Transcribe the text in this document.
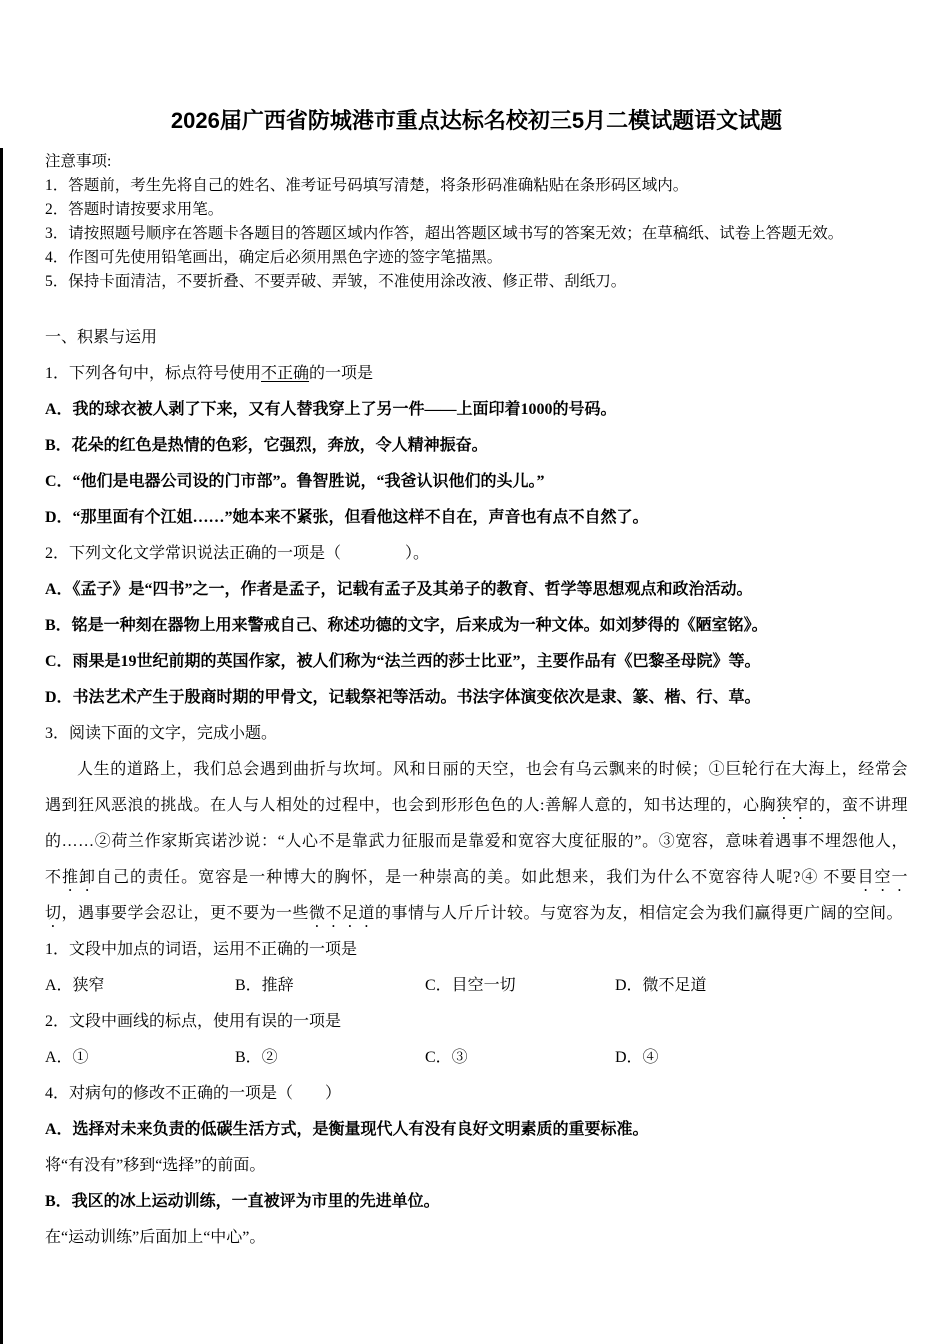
2026届广西省防城港市重点达标名校初三5月二模试题语文试题
注意事项:
1．答题前，考生先将自己的姓名、准考证号码填写清楚，将条形码准确粘贴在条形码区域内。
2．答题时请按要求用笔。
3．请按照题号顺序在答题卡各题目的答题区域内作答，超出答题区域书写的答案无效；在草稿纸、试卷上答题无效。
4．作图可先使用铅笔画出，确定后必须用黑色字迹的签字笔描黑。
5．保持卡面清洁，不要折叠、不要弄破、弄皱，不准使用涂改液、修正带、刮纸刀。
一、积累与运用
1．下列各句中，标点符号使用不正确的一项是
A．我的球衣被人剥了下来，又有人替我穿上了另一件——上面印着1000的号码。
B．花朵的红色是热情的色彩，它强烈，奔放，令人精神振奋。
C．“他们是电器公司设的门市部”。鲁智胜说，“我爸认识他们的头儿。”
D．“那里面有个江姐……”她本来不紧张，但看他这样不自在，声音也有点不自然了。
2．下列文化文学常识说法正确的一项是（　　　　）。
A．《孟子》是“四书”之一，作者是孟子，记载有孟子及其弟子的教育、哲学等思想观点和政治活动。
B．铭是一种刻在器物上用来警戒自己、称述功德的文字，后来成为一种文体。如刘梦得的《陋室铭》。
C．雨果是19世纪前期的英国作家，被人们称为“法兰西的莎士比亚”，主要作品有《巴黎圣母院》等。
D．书法艺术产生于殷商时期的甲骨文，记载祭祀等活动。书法字体演变依次是隶、篆、楷、行、草。
3．阅读下面的文字，完成小题。

人生的道路上，我们总会遇到曲折与坎坷。风和日丽的天空，也会有乌云飘来的时候；①巨轮行在大海上，经常会遇到狂风恶浪的挑战。在人与人相处的过程中，也会到形形色色的人:善解人意的，知书达理的，心胸狭窄的，蛮不讲理的……②荷兰作家斯宾诺沙说：“人心不是靠武力征服而是靠爱和宽容大度征服的”。③宽容，意味着遇事不埋怨他人，不推卸自己的责任。宽容是一种博大的胸怀，是一种崇高的美。如此想来，我们为什么不宽容待人呢?④ 不要目空一切，遇事要学会忍让，更不要为一些微不足道的事情与人斤斤计较。与宽容为友，相信定会为我们赢得更广阔的空间。

1．文段中加点的词语，运用不正确的一项是
A．狭窄	B．推辞	C．目空一切	D．微不足道
2．文段中画线的标点，使用有误的一项是
A．①	B．②	C．③	D．④
4．对病句的修改不正确的一项是（　　）
A．选择对未来负责的低碳生活方式，是衡量现代人有没有良好文明素质的重要标准。
将“有没有”移到“选择”的前面。
B．我区的冰上运动训练，一直被评为市里的先进单位。
在“运动训练”后面加上“中心”。
